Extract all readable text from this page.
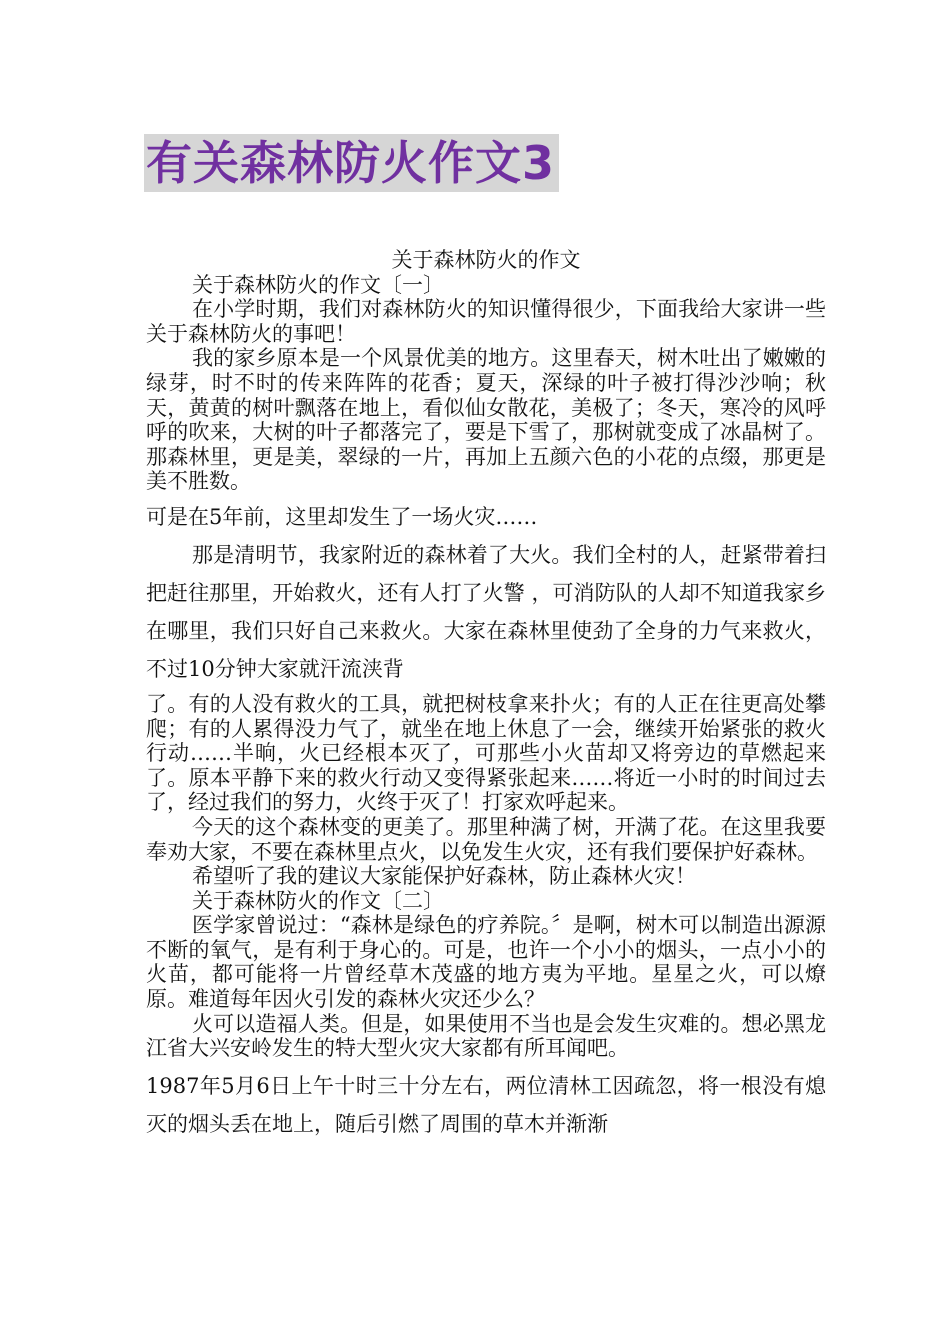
有关森林防火作文3

关于森林防火的作文

关于森林防火的作文〔一〕

在小学时期，我们对森林防火的知识懂得很少，下面我给大家讲一些关于森林防火的事吧！

我的家乡原本是一个风景优美的地方。这里春天，树木吐出了嫩嫩的绿芽，时不时的传来阵阵的花香；夏天，深绿的叶子被打得沙沙响；秋天，黄黄的树叶飘落在地上，看似仙女散花，美极了；冬天，寒冷的风呼呼的吹来，大树的叶子都落完了，要是下雪了，那树就变成了冰晶树了。那森林里，更是美，翠绿的一片，再加上五颜六色的小花的点缀，那更是美不胜数。

可是在5年前，这里却发生了一场火灾……

那是清明节，我家附近的森林着了大火。我们全村的人，赶紧带着扫把赶往那里，开始救火，还有人打了火警 ，可消防队的人却不知道我家乡在哪里，我们只好自己来救火。大家在森林里使劲了全身的力气来救火，不过10分钟大家就汗流浃背

了。有的人没有救火的工具，就把树枝拿来扑火；有的人正在往更高处攀爬；有的人累得没力气了，就坐在地上休息了一会，继续开始紧张的救火行动……半晌，火已经根本灭了，可那些小火苗却又将旁边的草燃起来了。原本平静下来的救火行动又变得紧张起来……将近一小时的时间过去了，经过我们的努力，火终于灭了！打家欢呼起来。

今天的这个森林变的更美了。那里种满了树，开满了花。在这里我要奉劝大家，不要在森林里点火，以免发生火灾，还有我们要保护好森林。

希望听了我的建议大家能保护好森林，防止森林火灾！

关于森林防火的作文〔二〕

医学家曾说过：“森林是绿色的疗养院。〞是啊，树木可以制造出源源不断的氧气，是有利于身心的。可是，也许一个小小的烟头，一点小小的火苗，都可能将一片曾经草木茂盛的地方夷为平地。星星之火，可以燎原。难道每年因火引发的森林火灾还少么？

火可以造福人类。但是，如果使用不当也是会发生灾难的。想必黑龙江省大兴安岭发生的特大型火灾大家都有所耳闻吧。

1987年5月6日上午十时三十分左右，两位清林工因疏忽，将一根没有熄灭的烟头丢在地上，随后引燃了周围的草木并渐渐
